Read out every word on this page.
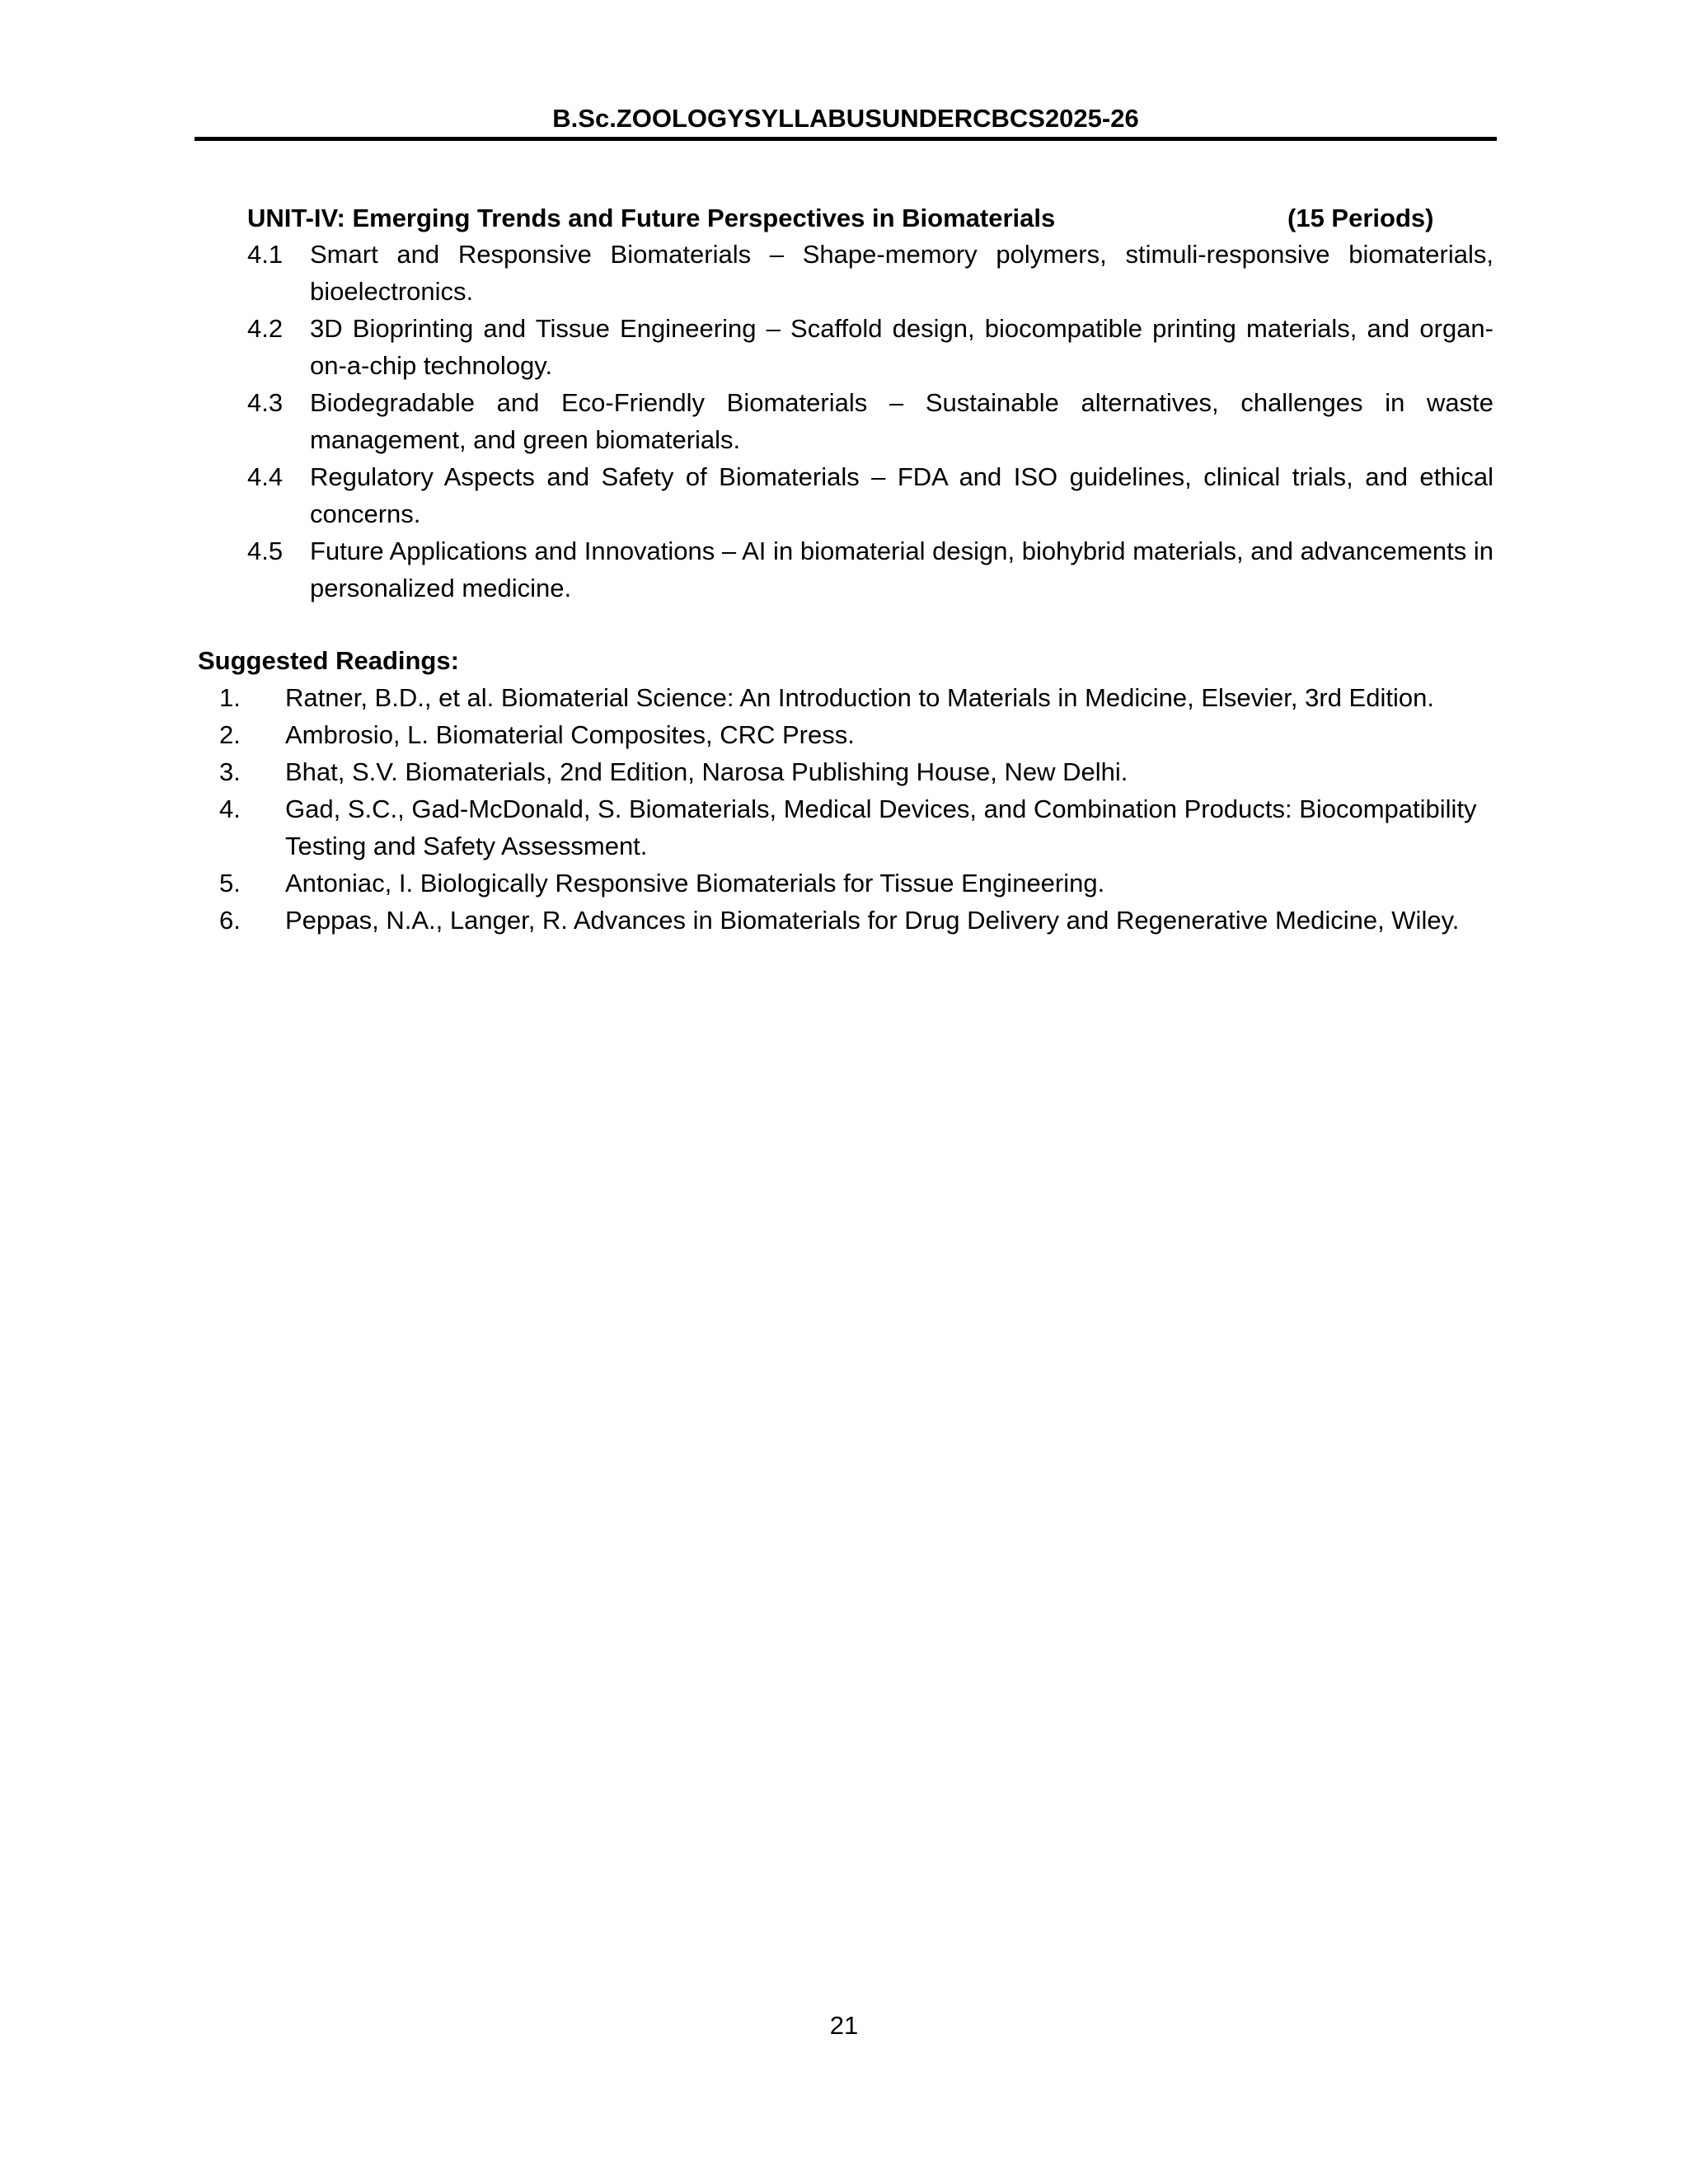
B.Sc.ZOOLOGYSYLLABUSUNDERCBCS2025-26
UNIT-IV: Emerging Trends and Future Perspectives in Biomaterials	(15 Periods)
4.1	Smart and Responsive Biomaterials – Shape-memory polymers, stimuli-responsive biomaterials, bioelectronics.
4.2	3D Bioprinting and Tissue Engineering – Scaffold design, biocompatible printing materials, and organ-on-a-chip technology.
4.3	Biodegradable and Eco-Friendly Biomaterials – Sustainable alternatives, challenges in waste management, and green biomaterials.
4.4	Regulatory Aspects and Safety of Biomaterials – FDA and ISO guidelines, clinical trials, and ethical concerns.
4.5	Future Applications and Innovations – AI in biomaterial design, biohybrid materials, and advancements in personalized medicine.
Suggested Readings:
1.	Ratner, B.D., et al. Biomaterial Science: An Introduction to Materials in Medicine, Elsevier, 3rd Edition.
2.	Ambrosio, L. Biomaterial Composites, CRC Press.
3.	Bhat, S.V. Biomaterials, 2nd Edition, Narosa Publishing House, New Delhi.
4.	Gad, S.C., Gad-McDonald, S. Biomaterials, Medical Devices, and Combination Products: Biocompatibility Testing and Safety Assessment.
5.	Antoniac, I. Biologically Responsive Biomaterials for Tissue Engineering.
6.	Peppas, N.A., Langer, R. Advances in Biomaterials for Drug Delivery and Regenerative Medicine, Wiley.
21
